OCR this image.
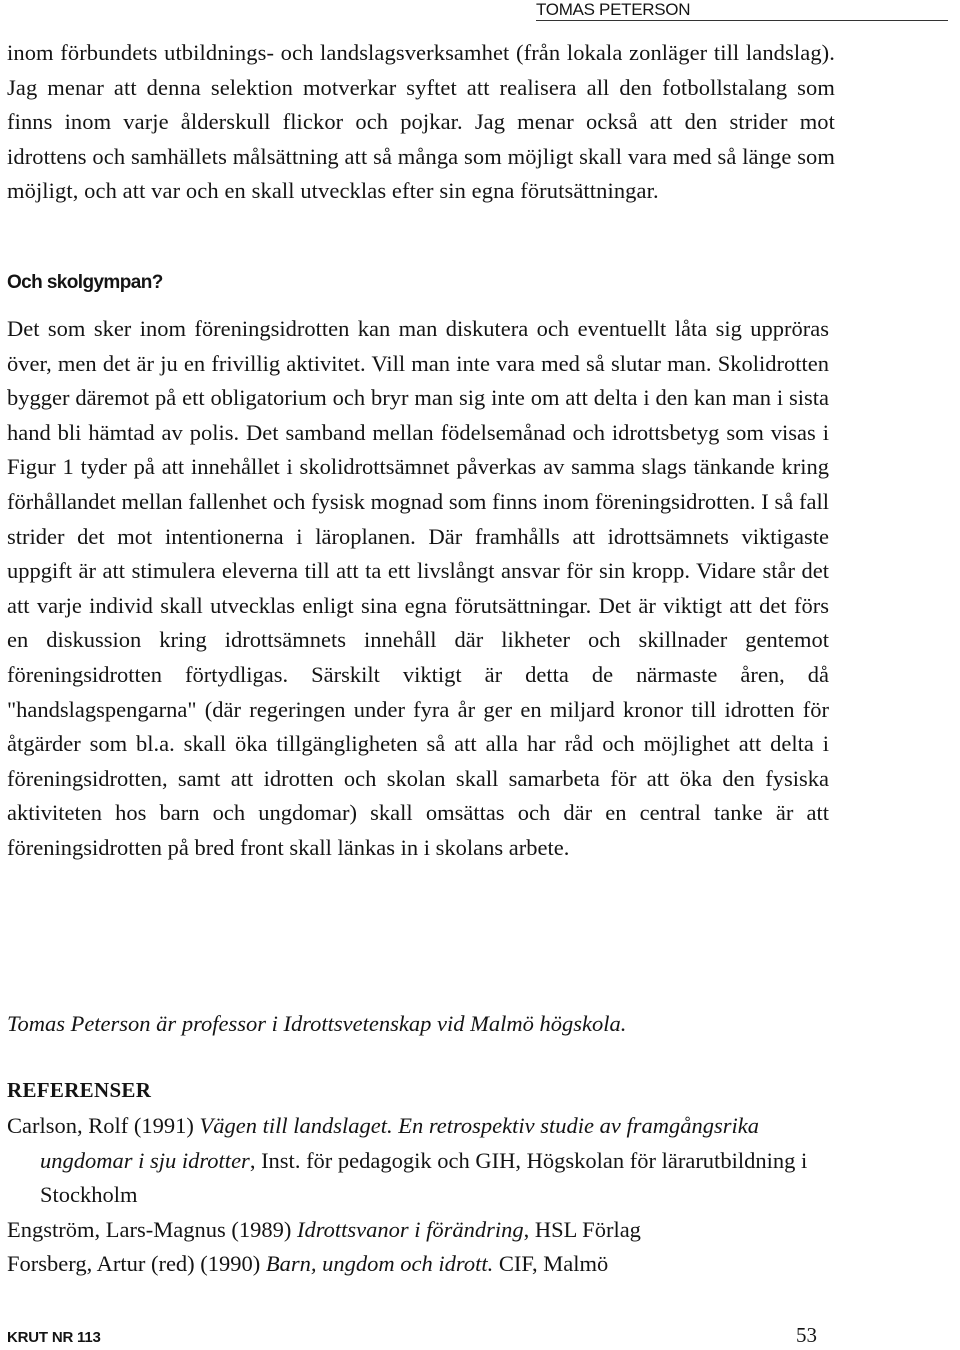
TOMAS PETERSON

inom förbundets utbildnings- och landslagsverksamhet (från lokala zonläger till landslag). Jag menar att denna selektion motverkar syftet att realisera all den fotbollstalang som finns inom varje ålderskull flickor och pojkar. Jag menar också att den strider mot idrottens och samhällets målsättning att så många som möjligt skall vara med så länge som möjligt, och att var och en skall utvecklas efter sin egna förutsättningar.

Och skolgympan?

Det som sker inom föreningsidrotten kan man diskutera och eventuellt låta sig uppröras över, men det är ju en frivillig aktivitet. Vill man inte vara med så slutar man. Skolidrotten bygger däremot på ett obligatorium och bryr man sig inte om att delta i den kan man i sista hand bli hämtad av polis. Det samband mellan födelsemånad och idrottsbetyg som visas i Figur 1 tyder på att innehållet i skolidrottsämnet påverkas av samma slags tänkande kring förhållandet mellan fallenhet och fysisk mognad som finns inom föreningsidrotten. I så fall strider det mot intentionerna i läroplanen. Där framhålls att idrottsämnets viktigaste uppgift är att stimulera eleverna till att ta ett livslångt ansvar för sin kropp. Vidare står det att varje individ skall utvecklas enligt sina egna förutsättningar. Det är viktigt att det förs en diskussion kring idrottsämnets innehåll där likheter och skillnader gentemot föreningsidrotten förtydligas. Särskilt viktigt är detta de närmaste åren, då "handslagspengarna" (där regeringen under fyra år ger en miljard kronor till idrotten för åtgärder som bl.a. skall öka tillgängligheten så att alla har råd och möjlighet att delta i föreningsidrotten, samt att idrotten och skolan skall samarbeta för att öka den fysiska aktiviteten hos barn och ungdomar) skall omsättas och där en central tanke är att föreningsidrotten på bred front skall länkas in i skolans arbete.

Tomas Peterson är professor i Idrottsvetenskap vid Malmö högskola.

REFERENSER
Carlson, Rolf (1991) Vägen till landslaget. En retrospektiv studie av framgångsrika ungdomar i sju idrotter, Inst. för pedagogik och GIH, Högskolan för lärarutbildning i Stockholm
Engström, Lars-Magnus (1989) Idrottsvanor i förändring, HSL Förlag
Forsberg, Artur (red) (1990) Barn, ungdom och idrott. CIF, Malmö
KRUT NR 113	53
